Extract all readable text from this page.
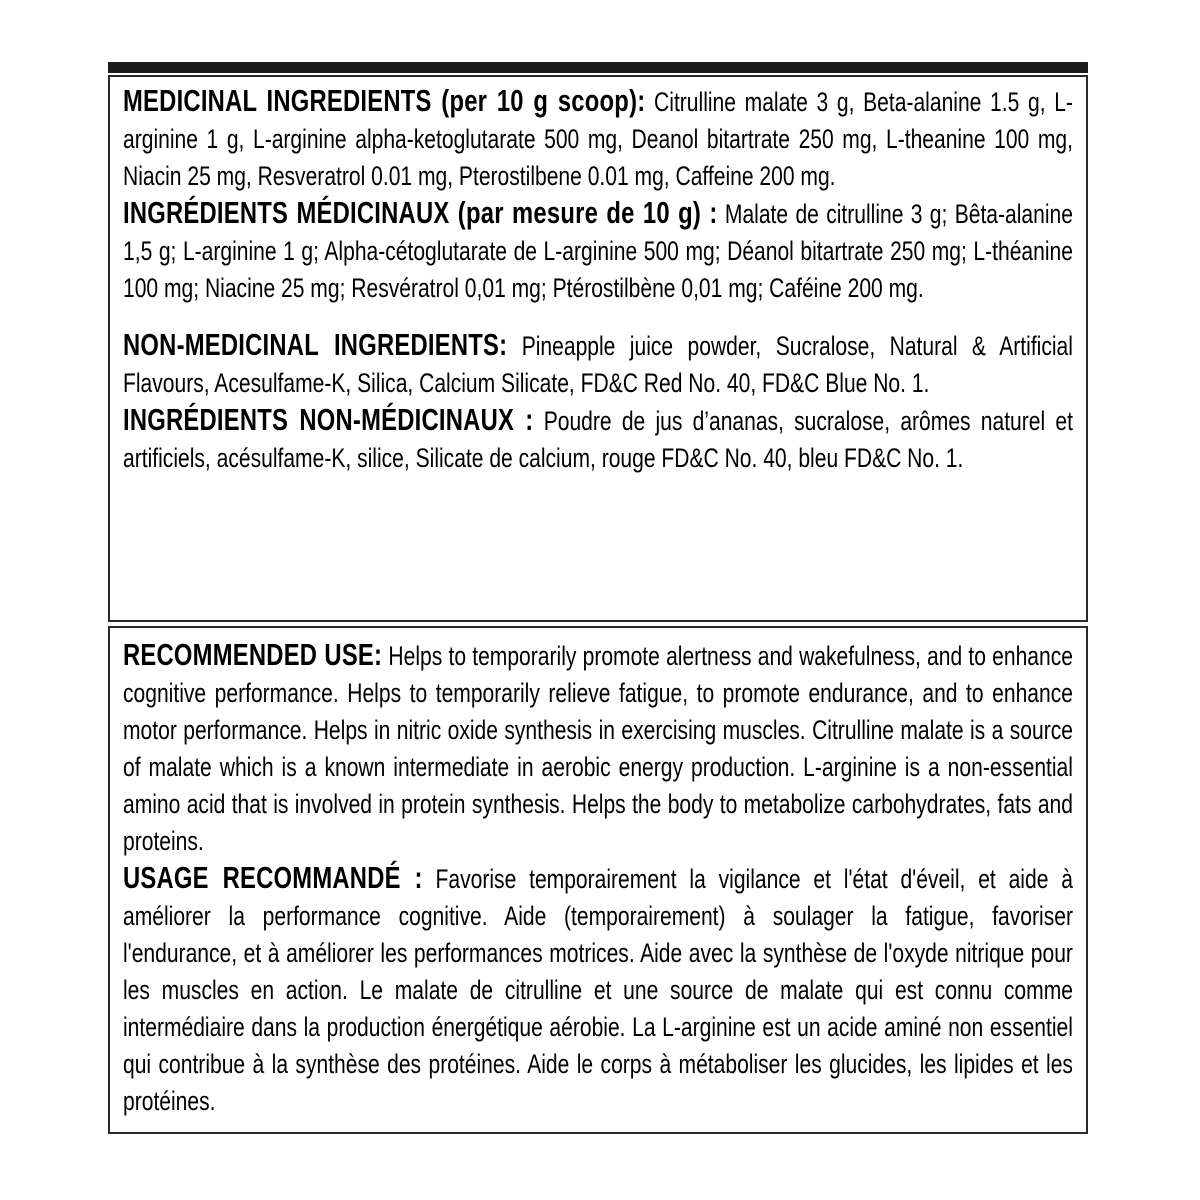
MEDICINAL INGREDIENTS (per 10 g scoop): Citrulline malate 3 g, Beta-alanine 1.5 g, L-arginine 1 g, L-arginine alpha-ketoglutarate 500 mg, Deanol bitartrate 250 mg, L-theanine 100 mg, Niacin 25 mg, Resveratrol 0.01 mg, Pterostilbene 0.01 mg, Caffeine 200 mg.

INGRÉDIENTS MÉDICINAUX (par mesure de 10 g) : Malate de citrulline 3 g; Bêta-alanine 1,5 g; L-arginine 1 g; Alpha-cétoglutarate de L-arginine 500 mg; Déanol bitartrate 250 mg; L-théanine 100 mg; Niacine 25 mg; Resvératrol 0,01 mg; Ptérostilbène 0,01 mg; Caféine 200 mg.

NON-MEDICINAL INGREDIENTS: Pineapple juice powder, Sucralose, Natural & Artificial Flavours, Acesulfame-K, Silica, Calcium Silicate, FD&C Red No. 40, FD&C Blue No. 1.

INGRÉDIENTS NON-MÉDICINAUX : Poudre de jus d’ananas, sucralose, arômes naturel et artificiels, acésulfame-K, silice, Silicate de calcium, rouge FD&C No. 40, bleu FD&C No. 1.

RECOMMENDED USE: Helps to temporarily promote alertness and wakefulness, and to enhance cognitive performance. Helps to temporarily relieve fatigue, to promote endurance, and to enhance motor performance. Helps in nitric oxide synthesis in exercising muscles. Citrulline malate is a source of malate which is a known intermediate in aerobic energy production. L-arginine is a non-essential amino acid that is involved in protein synthesis. Helps the body to metabolize carbohydrates, fats and proteins.

USAGE RECOMMANDÉ : Favorise temporairement la vigilance et l'état d'éveil, et aide à améliorer la performance cognitive. Aide (temporairement) à soulager la fatigue, favoriser l'endurance, et à améliorer les performances motrices. Aide avec la synthèse de l'oxyde nitrique pour les muscles en action. Le malate de citrulline et une source de malate qui est connu comme intermédiaire dans la production énergétique aérobie. La L-arginine est un acide aminé non essentiel qui contribue à la synthèse des protéines. Aide le corps à métaboliser les glucides, les lipides et les protéines.
